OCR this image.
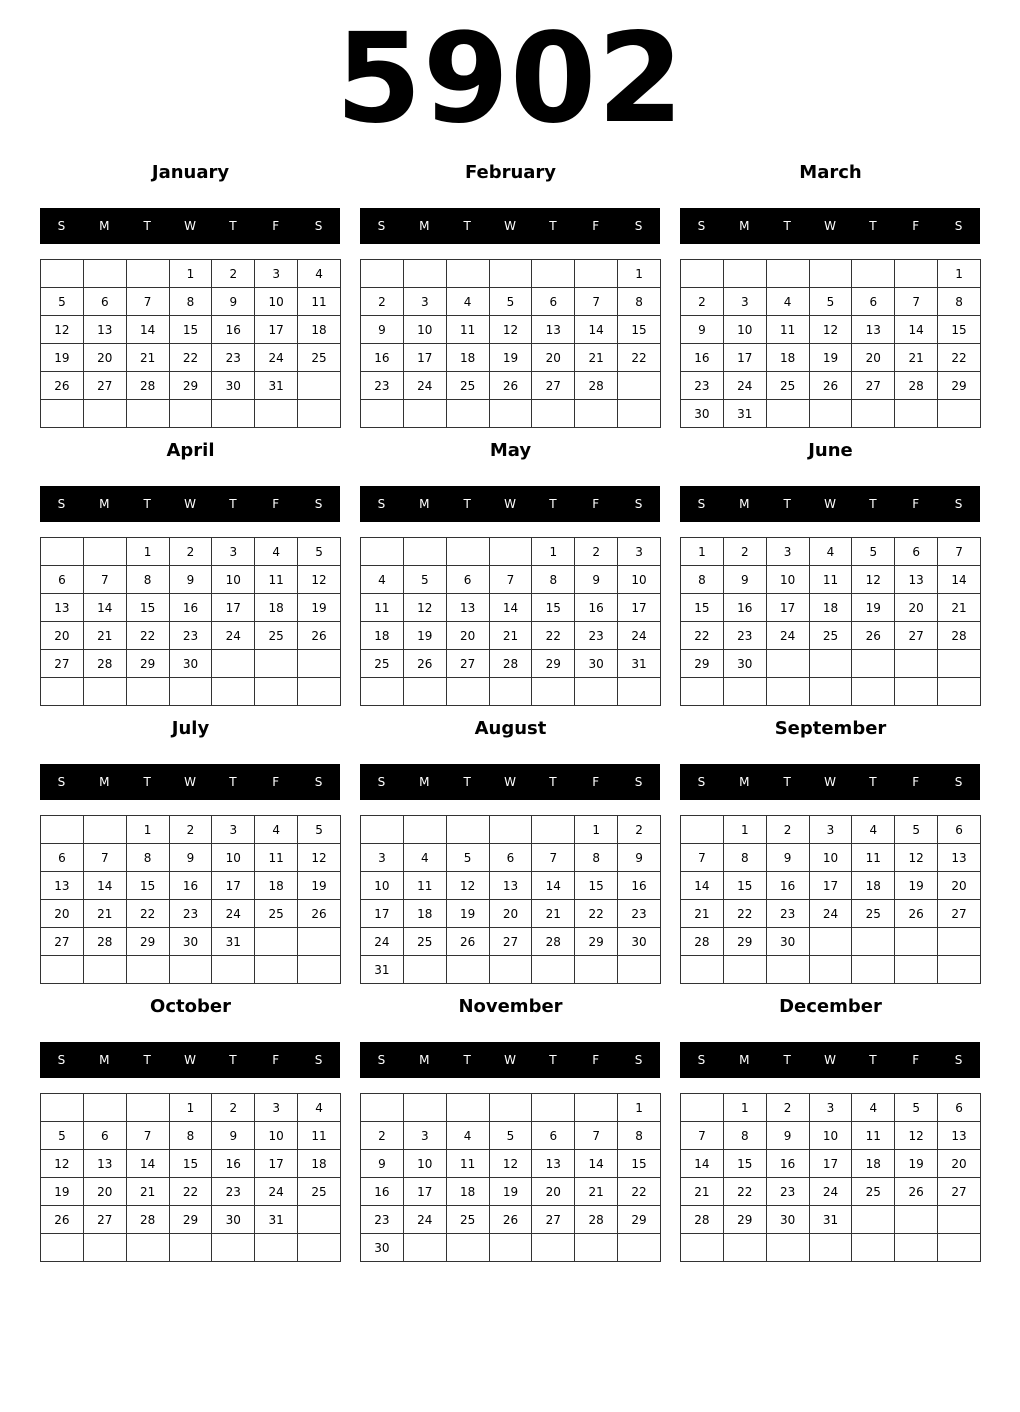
5902
January
S	M	T	W	T	F	S
			1	2	3	4
5	6	7	8	9	10	11
12	13	14	15	16	17	18
19	20	21	22	23	24	25
26	27	28	29	30	31	

February
S	M	T	W	T	F	S
						1
2	3	4	5	6	7	8
9	10	11	12	13	14	15
16	17	18	19	20	21	22
23	24	25	26	27	28	

March
S	M	T	W	T	F	S
						1
2	3	4	5	6	7	8
9	10	11	12	13	14	15
16	17	18	19	20	21	22
23	24	25	26	27	28	29
30	31					
April
S	M	T	W	T	F	S
		1	2	3	4	5
6	7	8	9	10	11	12
13	14	15	16	17	18	19
20	21	22	23	24	25	26
27	28	29	30			

May
S	M	T	W	T	F	S
				1	2	3
4	5	6	7	8	9	10
11	12	13	14	15	16	17
18	19	20	21	22	23	24
25	26	27	28	29	30	31

June
S	M	T	W	T	F	S
1	2	3	4	5	6	7
8	9	10	11	12	13	14
15	16	17	18	19	20	21
22	23	24	25	26	27	28
29	30					

July
S	M	T	W	T	F	S
		1	2	3	4	5
6	7	8	9	10	11	12
13	14	15	16	17	18	19
20	21	22	23	24	25	26
27	28	29	30	31		

August
S	M	T	W	T	F	S
					1	2
3	4	5	6	7	8	9
10	11	12	13	14	15	16
17	18	19	20	21	22	23
24	25	26	27	28	29	30
31						
September
S	M	T	W	T	F	S
	1	2	3	4	5	6
7	8	9	10	11	12	13
14	15	16	17	18	19	20
21	22	23	24	25	26	27
28	29	30				

October
S	M	T	W	T	F	S
			1	2	3	4
5	6	7	8	9	10	11
12	13	14	15	16	17	18
19	20	21	22	23	24	25
26	27	28	29	30	31	

November
S	M	T	W	T	F	S
						1
2	3	4	5	6	7	8
9	10	11	12	13	14	15
16	17	18	19	20	21	22
23	24	25	26	27	28	29
30						
December
S	M	T	W	T	F	S
	1	2	3	4	5	6
7	8	9	10	11	12	13
14	15	16	17	18	19	20
21	22	23	24	25	26	27
28	29	30	31			
